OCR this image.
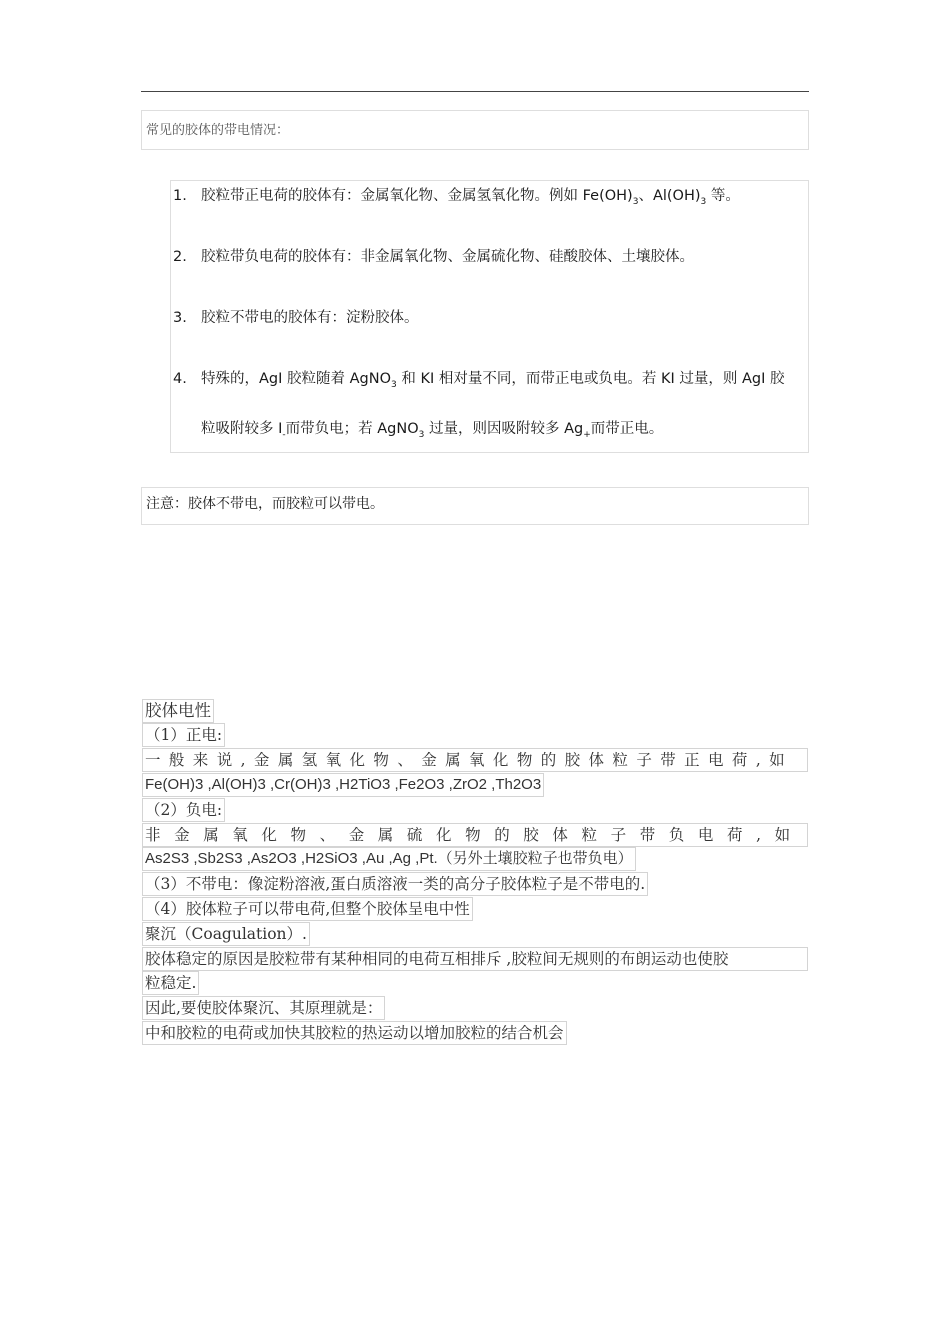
常见的胶体的带电情况：
1. 胶粒带正电荷的胶体有：金属氧化物、金属氢氧化物。例如 $Fe(OH)_3$、$Al(OH)_3$ 等。
2. 胶粒带负电荷的胶体有：非金属氧化物、金属硫化物、硅酸胶体、土壤胶体。
3. 胶粒不带电的胶体有：淀粉胶体。
4. 特殊的，AgI 胶粒随着 AgNO$_3$ 和 KI 相对量不同，而带正电或负电。若 KI 过量，则 AgI 胶
粒吸附较多 $I_-$而带负电；若 AgNO$_3$ 过量，则因吸附较多 $Ag_+$而带正电。
注意：胶体不带电，而胶粒可以带电。
胶体电性
（1）正电:
一般来说,金属氢氧化物、金属氧化物的胶体粒子带正电荷,如
Fe(OH)3 ,Al(OH)3 ,Cr(OH)3 ,H2TiO3 ,Fe2O3 ,ZrO2 ,Th2O3
（2）负电:
非金属氧化物、金属硫化物的胶体粒子带负电荷,如
As2S3 ,Sb2S3 ,As2O3 ,H2SiO3 ,Au ,Ag ,Pt.（另外土壤胶粒子也带负电）
（3）不带电：像淀粉溶液,蛋白质溶液一类的高分子胶体粒子是不带电的.
（4）胶体粒子可以带电荷,但整个胶体呈电中性
聚沉（Coagulation）.
胶体稳定的原因是胶粒带有某种相同的电荷互相排斥 ,胶粒间无规则的布朗运动也使胶
粒稳定.
因此,要使胶体聚沉、其原理就是：
中和胶粒的电荷或加快其胶粒的热运动以增加胶粒的结合机会
